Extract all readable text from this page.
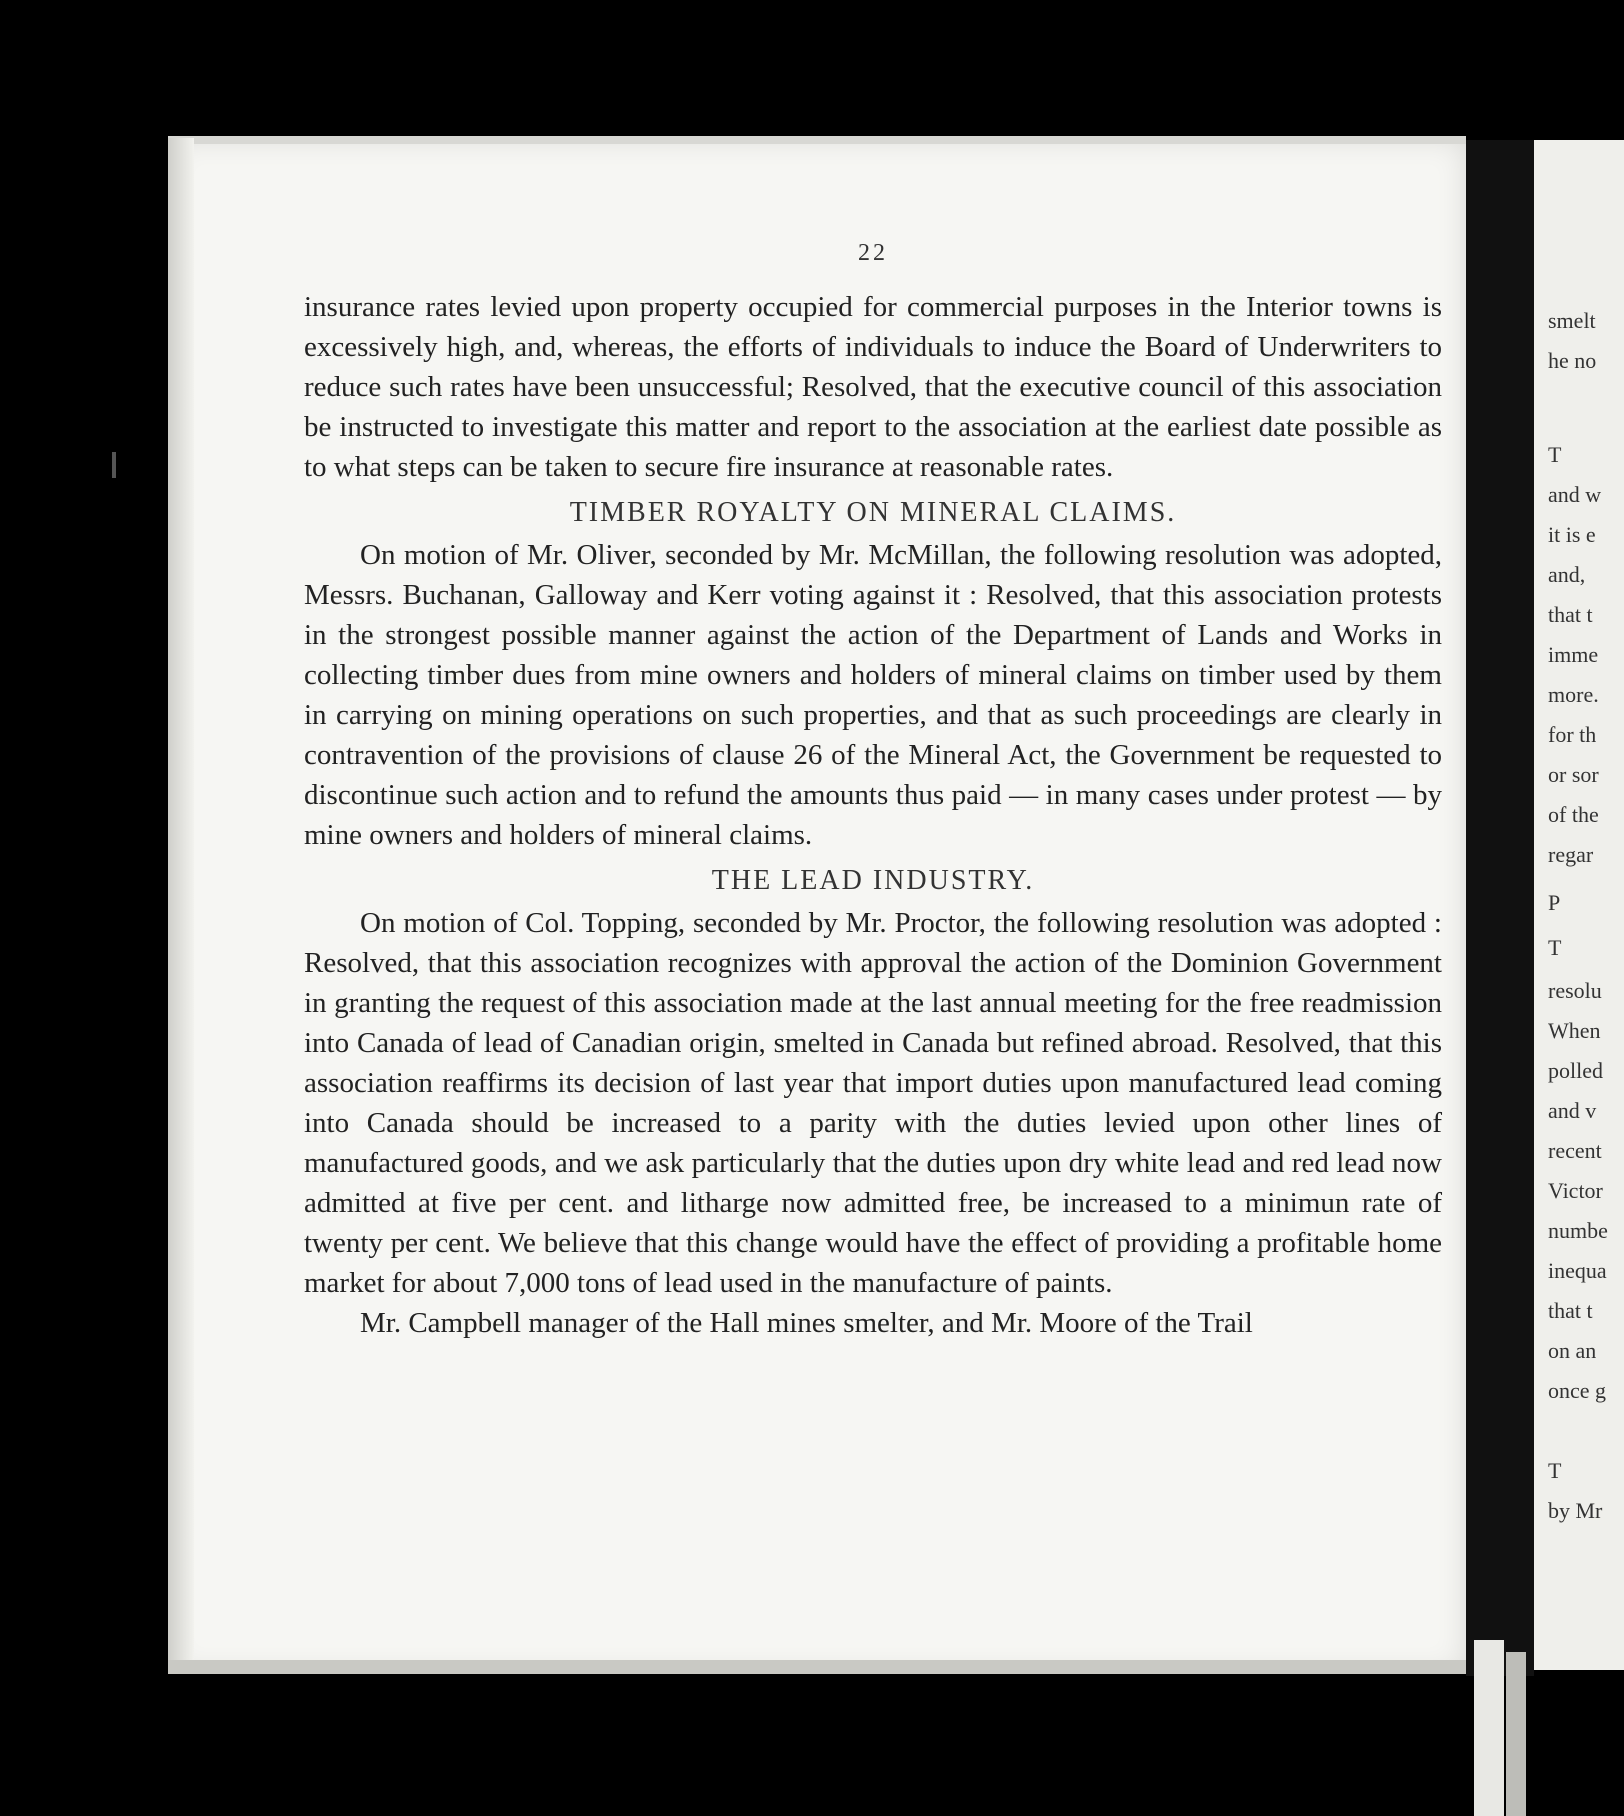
smelt
he no
T
and w
it is e
and,
that t
imme
more.
for th
or sor
of the
regar
P
T
resolu
When
polled
and v
recent
Victor
numbe
inequa
that t
on an
once g
T
by Mr
22

insurance rates levied upon property occupied for commercial purposes in the Interior towns is excessively high, and, whereas, the efforts of individuals to induce the Board of Underwriters to reduce such rates have been unsuccessful; Resolved, that the executive council of this association be instructed to investigate this matter and report to the association at the earliest date possible as to what steps can be taken to secure fire insurance at reasonable rates.

TIMBER ROYALTY ON MINERAL CLAIMS.

On motion of Mr. Oliver, seconded by Mr. McMillan, the following resolution was adopted, Messrs. Buchanan, Galloway and Kerr voting against it : Resolved, that this association protests in the strongest possible manner against the action of the Department of Lands and Works in collecting timber dues from mine owners and holders of mineral claims on timber used by them in carrying on mining operations on such properties, and that as such proceedings are clearly in contravention of the provisions of clause 26 of the Mineral Act, the Government be requested to discontinue such action and to refund the amounts thus paid — in many cases under protest — by mine owners and holders of mineral claims.

THE LEAD INDUSTRY.

On motion of Col. Topping, seconded by Mr. Proctor, the following resolution was adopted : Resolved, that this association recognizes with approval the action of the Dominion Government in granting the request of this association made at the last annual meeting for the free readmission into Canada of lead of Canadian origin, smelted in Canada but refined abroad. Resolved, that this association reaffirms its decision of last year that import duties upon manufactured lead coming into Canada should be increased to a parity with the duties levied upon other lines of manufactured goods, and we ask particularly that the duties upon dry white lead and red lead now admitted at five per cent. and litharge now admitted free, be increased to a minimun rate of twenty per cent. We believe that this change would have the effect of providing a profitable home market for about 7,000 tons of lead used in the manufacture of paints.

Mr. Campbell manager of the Hall mines smelter, and Mr. Moore of the Trail
